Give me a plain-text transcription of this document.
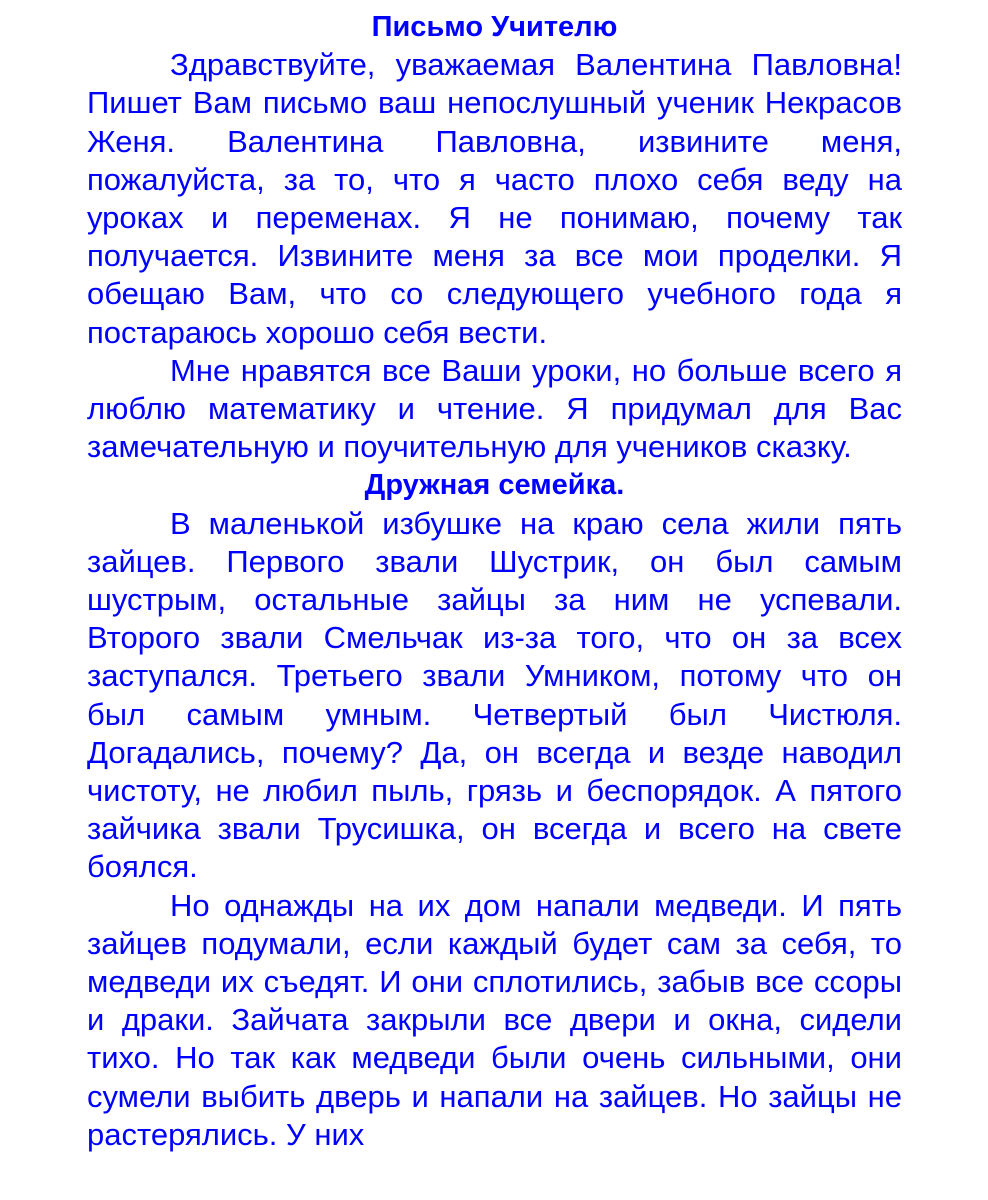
Письмо Учителю

Здравствуйте, уважаемая Валентина Павловна! Пишет Вам письмо ваш непослушный ученик Некрасов Женя. Валентина Павловна, извините меня, пожалуйста, за то, что я часто плохо себя веду на уроках и переменах. Я не понимаю, почему так получается. Извините меня за все мои проделки. Я обещаю Вам, что со следующего учебного года я постараюсь хорошо себя вести.

Мне нравятся все Ваши уроки, но больше всего я люблю математику и чтение. Я придумал для Вас замечательную и поучительную для учеников сказку.

Дружная семейка.

В маленькой избушке на краю села жили пять зайцев. Первого звали Шустрик, он был самым шустрым, остальные зайцы за ним не успевали. Второго звали Смельчак из-за того, что он за всех заступался. Третьего звали Умником, потому что он был самым умным. Четвертый был Чистюля. Догадались, почему? Да, он всегда и везде наводил чистоту, не любил пыль, грязь и беспорядок. А пятого зайчика звали Трусишка, он всегда и всего на свете боялся.

Но однажды на их дом напали медведи. И пять зайцев подумали, если каждый будет сам за себя, то медведи их съедят. И они сплотились, забыв все ссоры и драки. Зайчата закрыли все двери и окна, сидели тихо. Но так как медведи были очень сильными, они сумели выбить дверь и напали на зайцев. Но зайцы не растерялись. У них
